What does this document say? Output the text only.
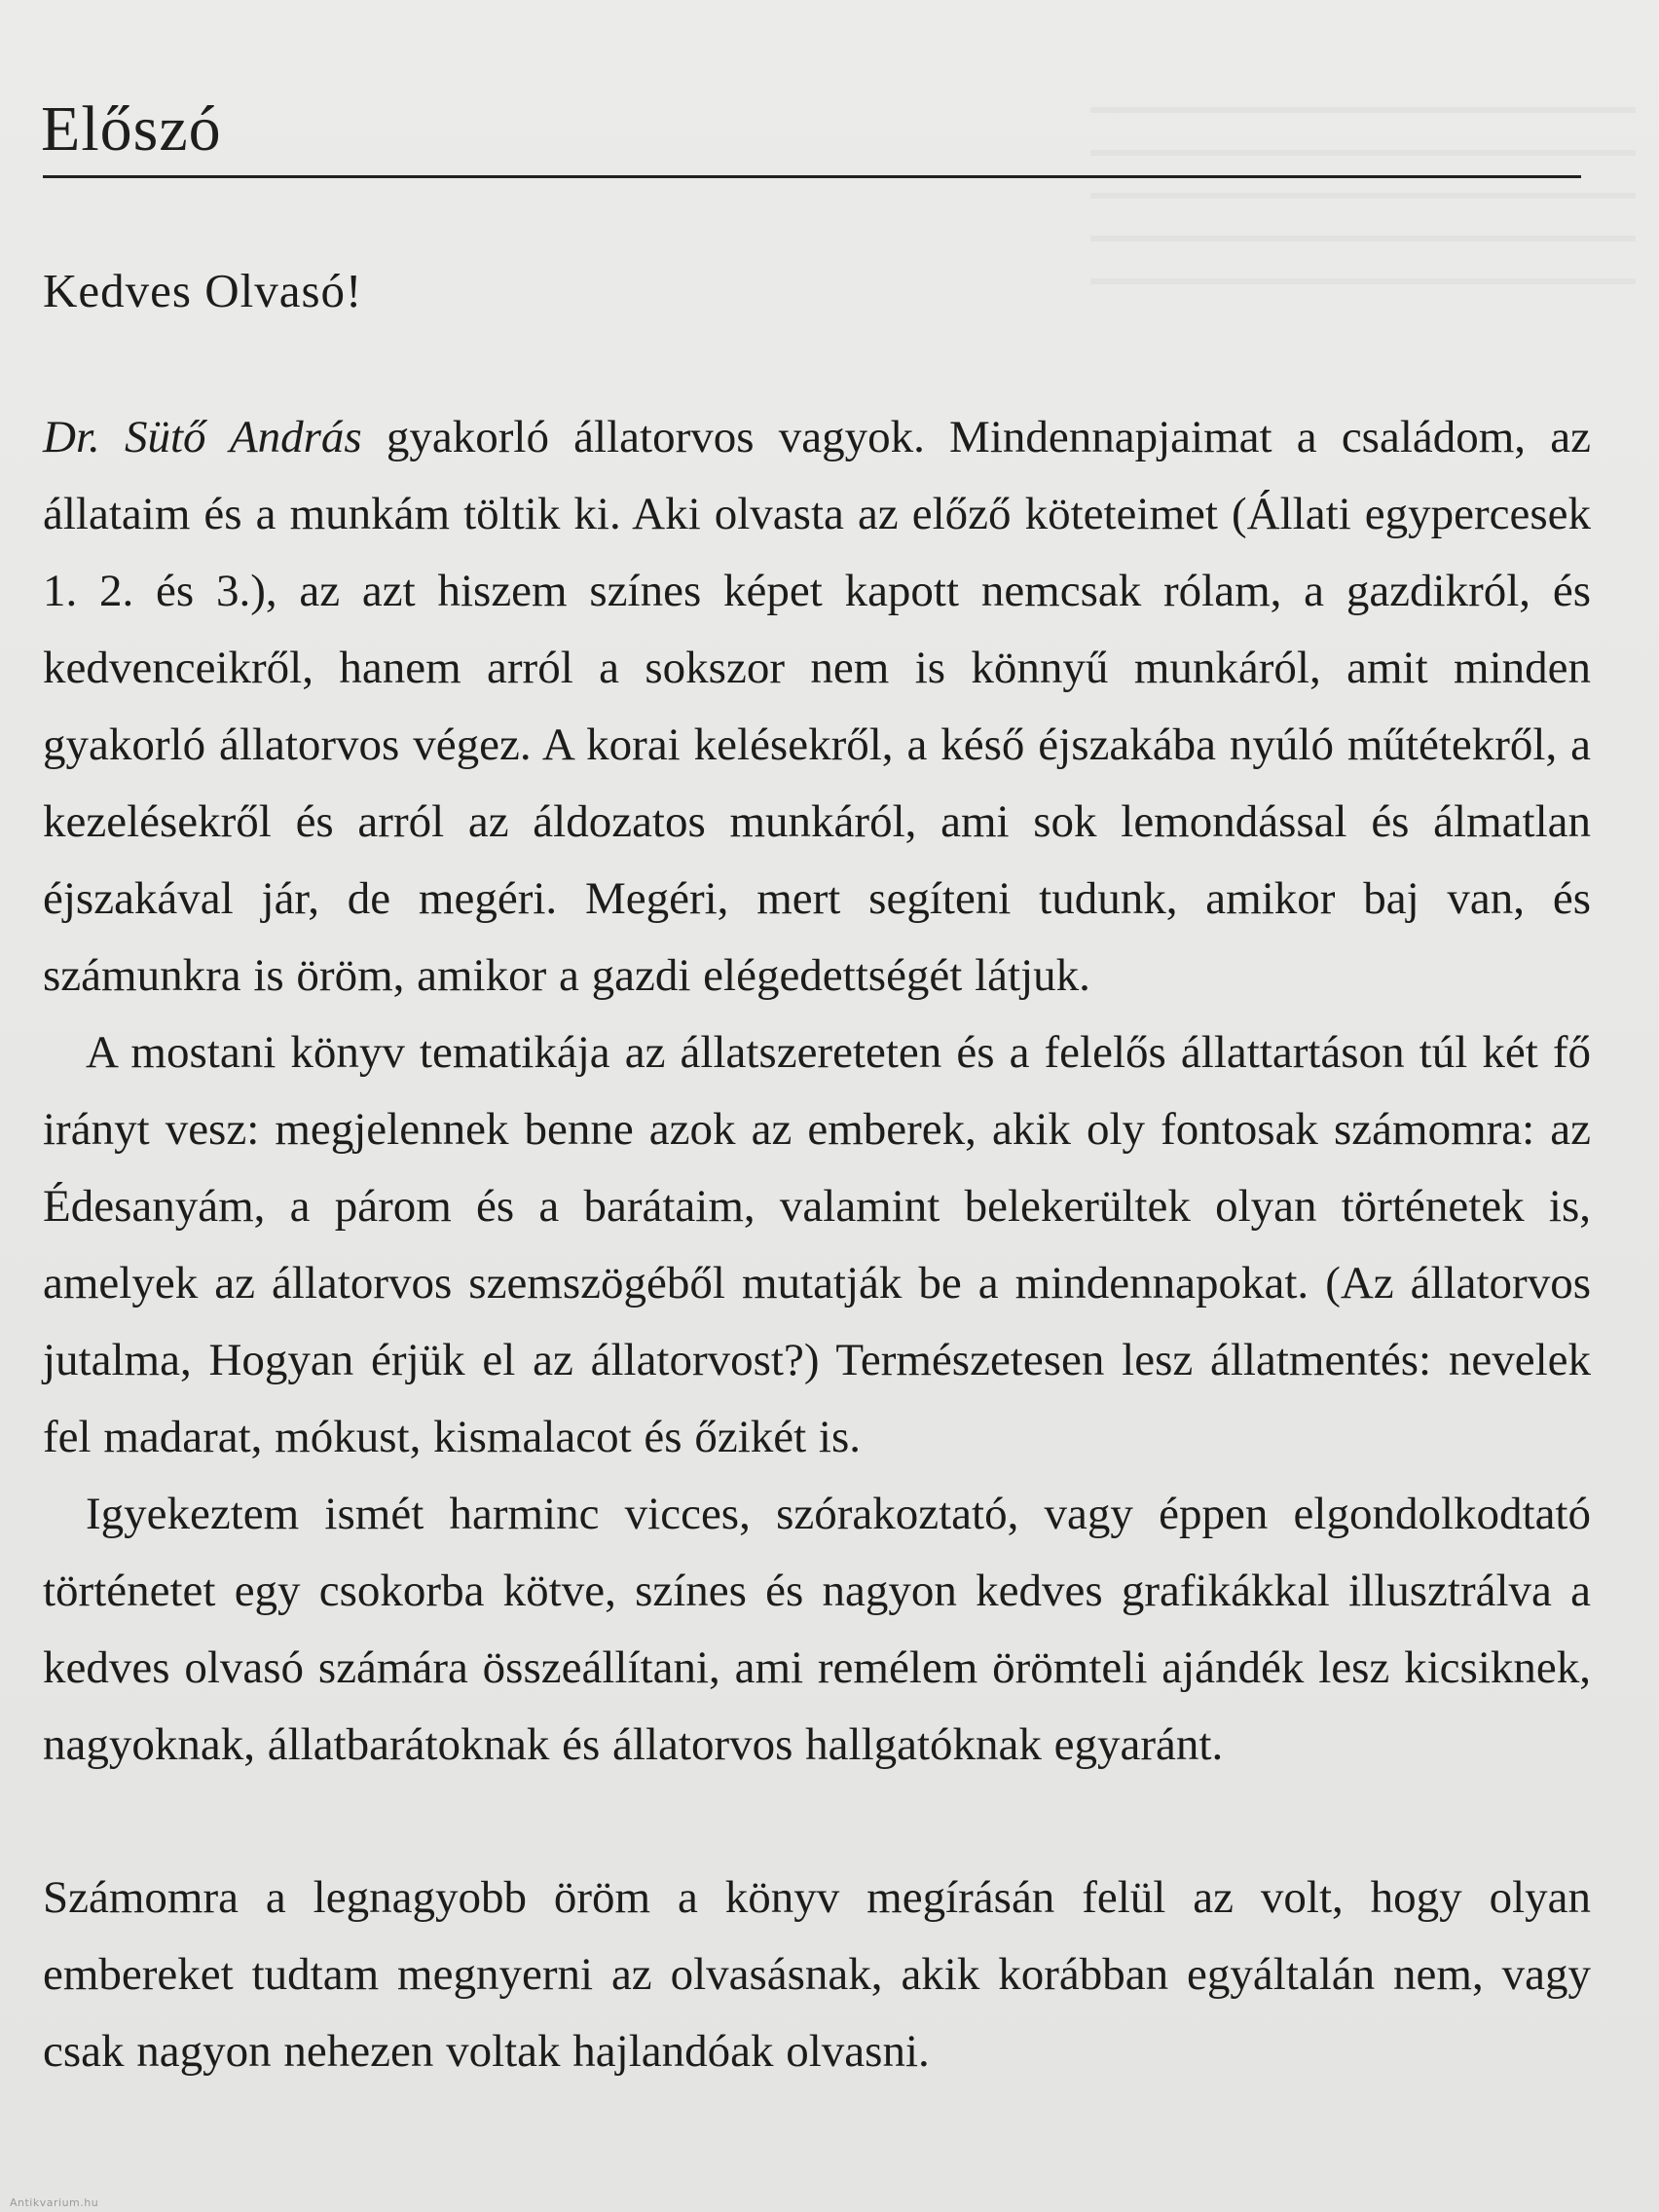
Előszó

Kedves Olvasó!

Dr. Sütő András gyakorló állatorvos vagyok. Mindennapjaimat a családom, az állataim és a munkám töltik ki. Aki olvasta az előző köteteimet (Állati egypercesek 1. 2. és 3.), az azt hiszem színes képet kapott nemcsak rólam, a gazdikról, és kedvenceikről, hanem arról a sokszor nem is könnyű munkáról, amit minden gyakorló állatorvos végez. A korai kelésekről, a késő éjszakába nyúló műtétekről, a kezelésekről és arról az áldozatos munkáról, ami sok lemondással és álmatlan éjszakával jár, de megéri. Megéri, mert segíteni tudunk, amikor baj van, és számunkra is öröm, amikor a gazdi elégedettségét látjuk.

A mostani könyv tematikája az állatszereteten és a felelős állattartáson túl két fő irányt vesz: megjelennek benne azok az emberek, akik oly fontosak számomra: az Édesanyám, a párom és a barátaim, valamint belekerültek olyan történetek is, amelyek az állatorvos szemszögéből mutatják be a mindennapokat. (Az állatorvos jutalma, Hogyan érjük el az állatorvost?) Természetesen lesz állatmentés: nevelek fel madarat, mókust, kismalacot és őzikét is.

Igyekeztem ismét harminc vicces, szórakoztató, vagy éppen elgondolkodtató történetet egy csokorba kötve, színes és nagyon kedves grafikákkal illusztrálva a kedves olvasó számára összeállítani, ami remélem örömteli ajándék lesz kicsiknek, nagyoknak, állatbarátoknak és állatorvos hallgatóknak egyaránt.

Számomra a legnagyobb öröm a könyv megírásán felül az volt, hogy olyan embereket tudtam megnyerni az olvasásnak, akik korábban egyáltalán nem, vagy csak nagyon nehezen voltak hajlandóak olvasni.

Antikvarium.hu
